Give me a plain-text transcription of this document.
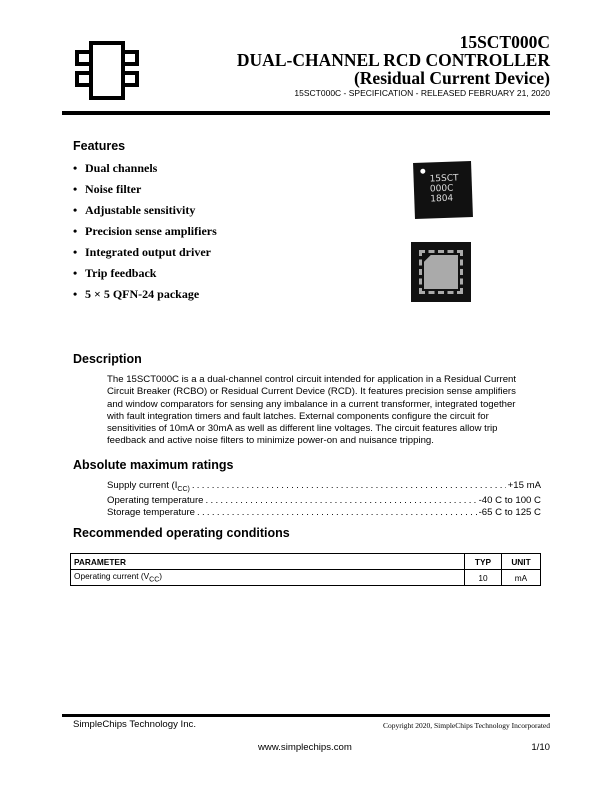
15SCT000C
DUAL-CHANNEL RCD CONTROLLER
(Residual Current Device)
15SCT000C - SPECIFICATION - RELEASED FEBRUARY 21, 2020
Features
• Dual channels
• Noise filter
• Adjustable sensitivity
• Precision sense amplifiers
• Integrated output driver
• Trip feedback
• 5 × 5 QFN-24 package
15SCT
000C
1804
Description
The 15SCT000C is a a dual-channel control circuit intended for application in a Residual Current
Circuit Breaker (RCBO) or Residual Current Device (RCD). It features precision sense amplifiers
and window comparators for sensing any imbalance in a current transformer, integrated together
with fault integration timers and fault latches. External components configure the circuit for
sensitivities of 10mA or 30mA as well as different line voltages. The circuit features allow trip
feedback and active noise filters to minimize power-on and nuisance tripping.
Absolute maximum ratings
Supply current ($I_{CC)}$ .....	+15 mA
Operating temperature .....	-40 C to 100 C
Storage temperature .....	-65 C to 125 C
Recommended operating conditions
PARAMETER	TYP	UNIT
Operating current $(V_{CC})$	10	mA
SimpleChips Technology Inc.	Copyright 2020, SimpleChips Technology Incorporated
www.simplechips.com	1/10
